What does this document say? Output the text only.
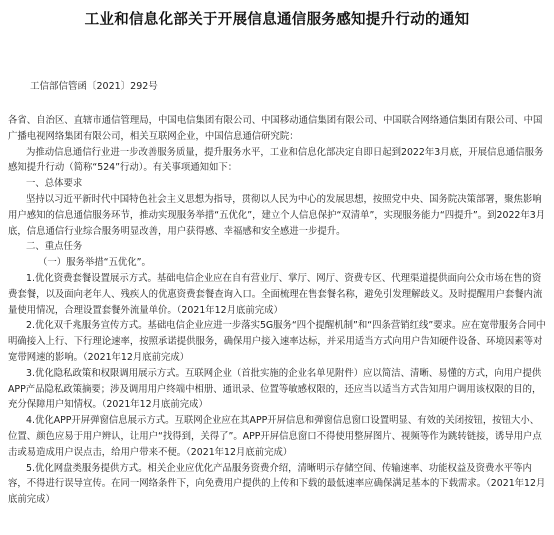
工业和信息化部关于开展信息通信服务感知提升行动的通知
工信部信管函〔2021〕292号

各省、自治区、直辖市通信管理局，中国电信集团有限公司、中国移动通信集团有限公司、中国联合网络通信集团有限公司、中国广播电视网络集团有限公司，相关互联网企业，中国信息通信研究院：

为推动信息通信行业进一步改善服务质量，提升服务水平，工业和信息化部决定自即日起到2022年3月底，开展信息通信服务感知提升行动（简称“524”行动）。有关事项通知如下：

一、总体要求

坚持以习近平新时代中国特色社会主义思想为指导，贯彻以人民为中心的发展思想，按照党中央、国务院决策部署，聚焦影响用户感知的信息通信服务环节，推动实现服务举措“五优化”，建立个人信息保护“双清单”，实现服务能力“四提升”。到2022年3月底，信息通信行业综合服务明显改善，用户获得感、幸福感和安全感进一步提升。

二、重点任务

（一）服务举措“五优化”。

1.优化资费套餐设置展示方式。基础电信企业应在自有营业厅、掌厅、网厅、资费专区、代理渠道提供面向公众市场在售的资费套餐，以及面向老年人、残疾人的优惠资费套餐查询入口。全面梳理在售套餐名称，避免引发理解歧义。及时提醒用户套餐内流量使用情况，合理设置套餐外流量单价。（2021年12月底前完成）

2.优化双千兆服务宣传方式。基础电信企业应进一步落实5G服务“四个提醒机制”和“四条营销红线”要求。应在宽带服务合同中明确接入上行、下行理论速率，按照承诺提供服务，确保用户接入速率达标，并采用适当方式向用户告知硬件设备、环境因素等对宽带网速的影响。（2021年12月底前完成）

3.优化隐私政策和权限调用展示方式。互联网企业（首批实施的企业名单见附件）应以简洁、清晰、易懂的方式，向用户提供APP产品隐私政策摘要；涉及调用用户终端中相册、通讯录、位置等敏感权限的，还应当以适当方式告知用户调用该权限的目的，充分保障用户知情权。（2021年12月底前完成）

4.优化APP开屏弹窗信息展示方式。互联网企业应在其APP开屏信息和弹窗信息窗口设置明显、有效的关闭按钮，按钮大小、位置、颜色应易于用户辨认，让用户“找得到，关得了”。APP开屏信息窗口不得使用整屏图片、视频等作为跳转链接，诱导用户点击或易造成用户误点击，给用户带来不便。（2021年12月底前完成）

5.优化网盘类服务提供方式。相关企业应优化产品服务资费介绍，清晰明示存储空间、传输速率、功能权益及资费水平等内容，不得进行误导宣传。在同一网络条件下，向免费用户提供的上传和下载的最低速率应确保满足基本的下载需求。（2021年12月底前完成）
